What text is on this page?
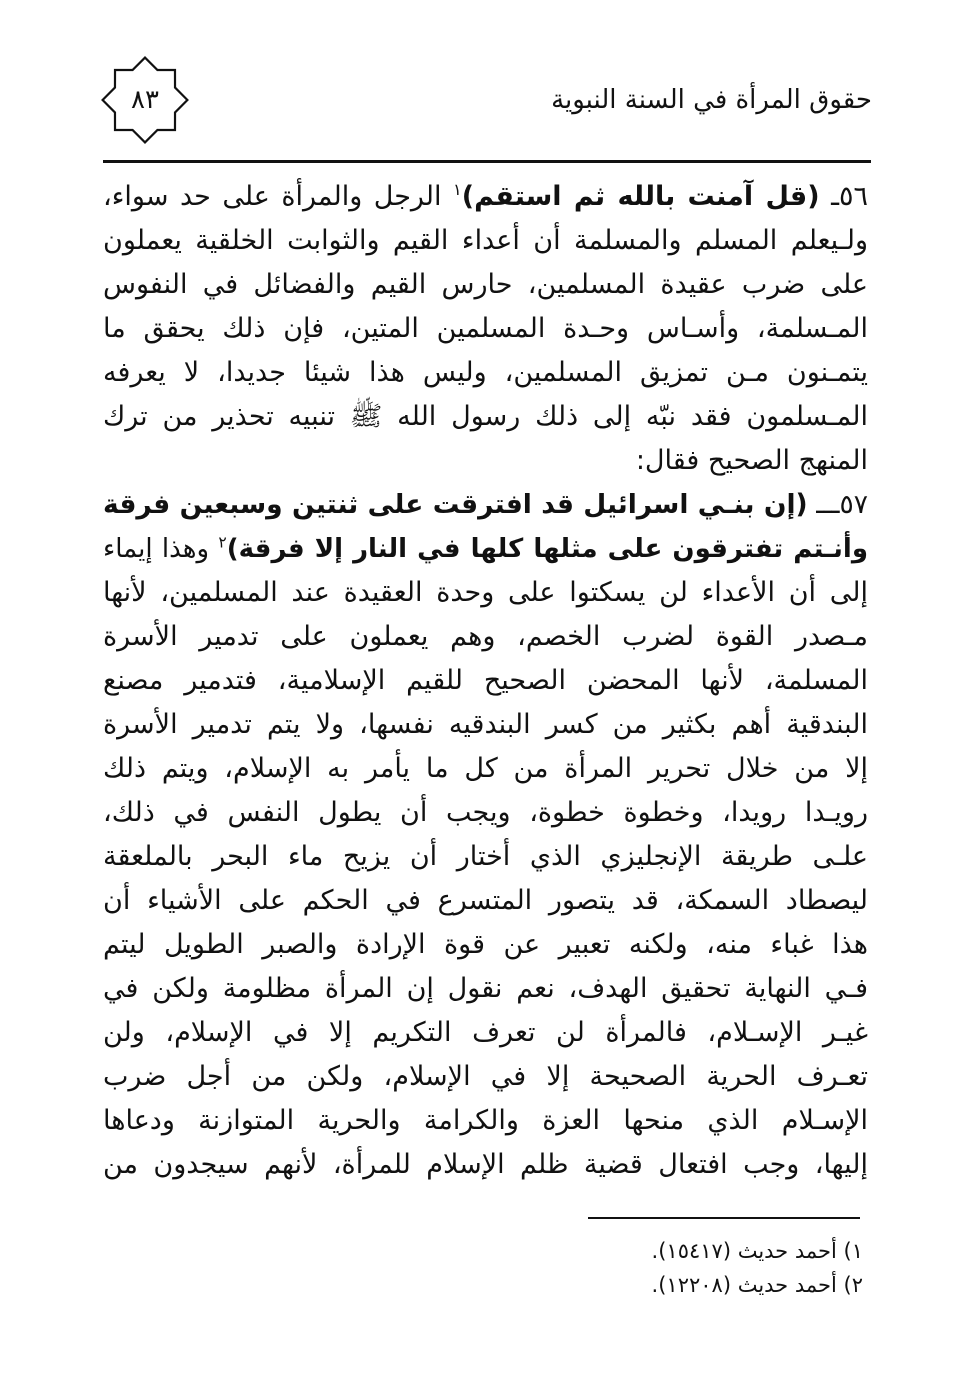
حقوق المرأة في السنة النبوية
٨٣
٥٦ـ (قل آمنت بالله ثم استقم)$^١$ الرجل والمرأة على حد سواء،
ولـيعلم المسلم والمسلمة أن أعداء القيم والثوابت الخلقية يعملون
على ضرب عقيدة المسلمين، حارس القيم والفضائل في النفوس
المـسلمة، وأسـاس وحـدة المسلمين المتين، فإن ذلك يحقق ما
يتمـنون مـن تمزيق المسلمين، وليس هذا شيئا جديدا، لا يعرفه
المـسلمون فقد نبّه إلى ذلك رسول الله ﷺ تنبيه تحذير من ترك
المنهج الصحيح فقال:
٥٧ـــ (إن بنـي اسرائيل قد افترقت على ثنتين وسبعين فرقة
وأنـتم تفترقون على مثلها كلها في النار إلا فرقة)$^٢$ وهذا إيماء
إلى أن الأعداء لن يسكتوا على وحدة العقيدة عند المسلمين، لأنها
مـصدر القوة لضرب الخصم، وهم يعملون على تدمير الأسرة
المسلمة، لأنها المحضن الصحيح للقيم الإسلامية، فتدمير مصنع
البندقية أهم بكثير من كسر البندقيه نفسها، ولا يتم تدمير الأسرة
إلا من خلال تحرير المرأة من كل ما يأمر به الإسلام، ويتم ذلك
رويـدا رويدا، وخطوة خطوة، ويجب أن يطول النفس في ذلك،
علـى طريقة الإنجليزي الذي أختار أن يزيح ماء البحر بالملعقة
ليصطاد السمكة، قد يتصور المتسرع في الحكم على الأشياء أن
هذا غباء منه، ولكنه تعبير عن قوة الإرادة والصبر الطويل ليتم
فـي النهاية تحقيق الهدف، نعم نقول إن المرأة مظلومة ولكن في
غيـر الإسـلام، فالمرأة لن تعرف التكريم إلا في الإسلام، ولن
تعـرف الحرية الصحيحة إلا في الإسلام، ولكن من أجل ضرب
الإسـلام الذي منحها العزة والكرامة والحرية المتوازنة ودعاها
إليها، وجب افتعال قضية ظلم الإسلام للمرأة، لأنهم سيجدون من
١) أحمد حديث (١٥٤١٧).
٢) أحمد حديث (١٢٢٠٨).
